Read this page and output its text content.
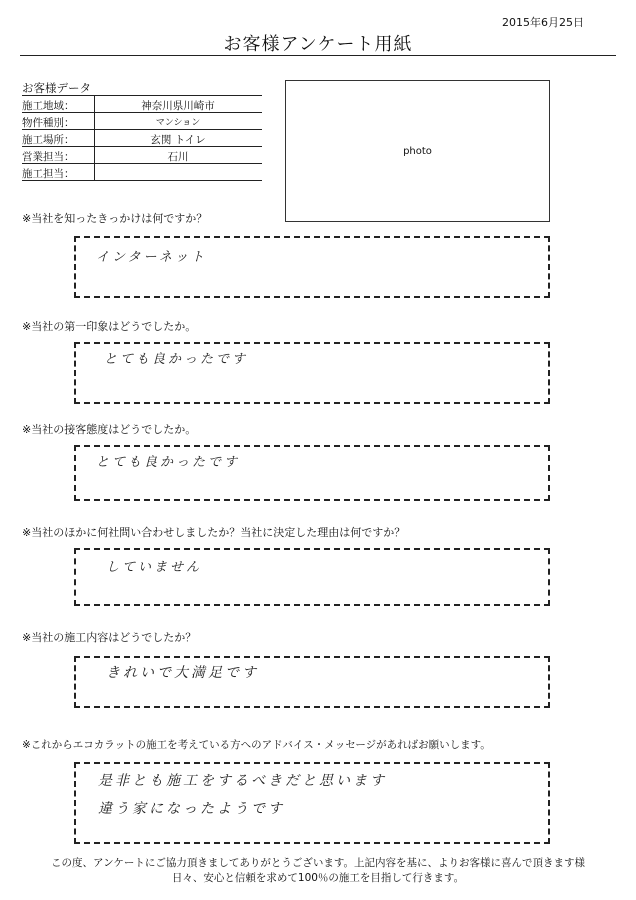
2015年6月25日
お客様アンケート用紙
お客様データ
施工地域：	神奈川県川崎市
物件種別：	マンション
施工場所：	玄関 トイレ
営業担当：	石川
施工担当：
photo
※当社を知ったきっかけは何ですか？
インターネット
※当社の第一印象はどうでしたか。
とても良かったです
※当社の接客態度はどうでしたか。
とても良かったです
※当社のほかに何社問い合わせしましたか？当社に決定した理由は何ですか？
していません
※当社の施工内容はどうでしたか？
きれいで大満足です
※これからエコカラットの施工を考えている方へのアドバイス・メッセージがあればお願いします。
是非とも施工をするべきだと思います
違う家になったようです
この度、アンケートにご協力頂きましてありがとうございます。上記内容を基に、よりお客様に喜んで頂きます様
日々、安心と信頼を求めて100％の施工を目指して行きます。
